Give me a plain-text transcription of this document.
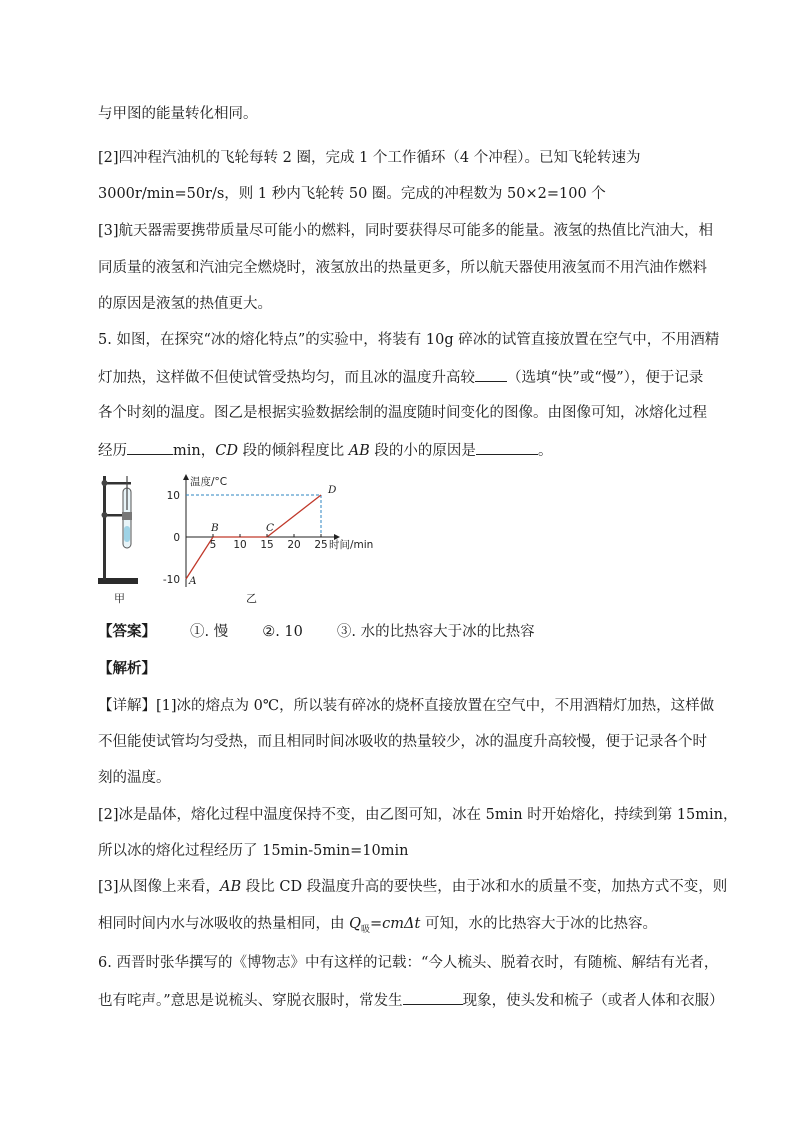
与甲图的能量转化相同。
[2]四冲程汽油机的飞轮每转 2 圈，完成 1 个工作循环（4 个冲程）。已知飞轮转速为
3000r/min=50r/s，则 1 秒内飞轮转 50 圈。完成的冲程数为 50×2=100 个
[3]航天器需要携带质量尽可能小的燃料，同时要获得尽可能多的能量。液氢的热值比汽油大，相
同质量的液氢和汽油完全燃烧时，液氢放出的热量更多，所以航天器使用液氢而不用汽油作燃料
的原因是液氢的热值更大。
5. 如图，在探究“冰的熔化特点”的实验中，将装有 10g 碎冰的试管直接放置在空气中，不用酒精
灯加热，这样做不但使试管受热均匀，而且冰的温度升高较 （选填“快”或“慢”），便于记录
各个时刻的温度。图乙是根据实验数据绘制的温度随时间变化的图像。由图像可知，冰熔化过程
经历	min，CD 段的倾斜程度比 AB 段的小的原因是	。
甲
温度/°C
时间/min
5 10 15 20 25
10
0
-10 A
B	C
D
乙
【答案】 ①. 慢 ②. 10 ③. 水的比热容大于冰的比热容
【解析】
【详解】[1]冰的熔点为 0℃，所以装有碎冰的烧杯直接放置在空气中，不用酒精灯加热，这样做
不但能使试管均匀受热，而且相同时间冰吸收的热量较少，冰的温度升高较慢，便于记录各个时
刻的温度。
[2]冰是晶体，熔化过程中温度保持不变，由乙图可知，冰在 5min 时开始熔化，持续到第 15min，
所以冰的熔化过程经历了 15min-5min=10min
[3]从图像上来看，AB 段比 CD 段温度升高的要快些，由于冰和水的质量不变，加热方式不变，则
相同时间内水与冰吸收的热量相同，由 $Q_吸=cm\Delta t$ 可知，水的比热容大于冰的比热容。
6. 西晋时张华撰写的《博物志》中有这样的记载：“今人梳头、脱着衣时，有随梳、解结有光者，
也有咤声。”意思是说梳头、穿脱衣服时，常发生	现象，使头发和梳子（或者人体和衣服）
